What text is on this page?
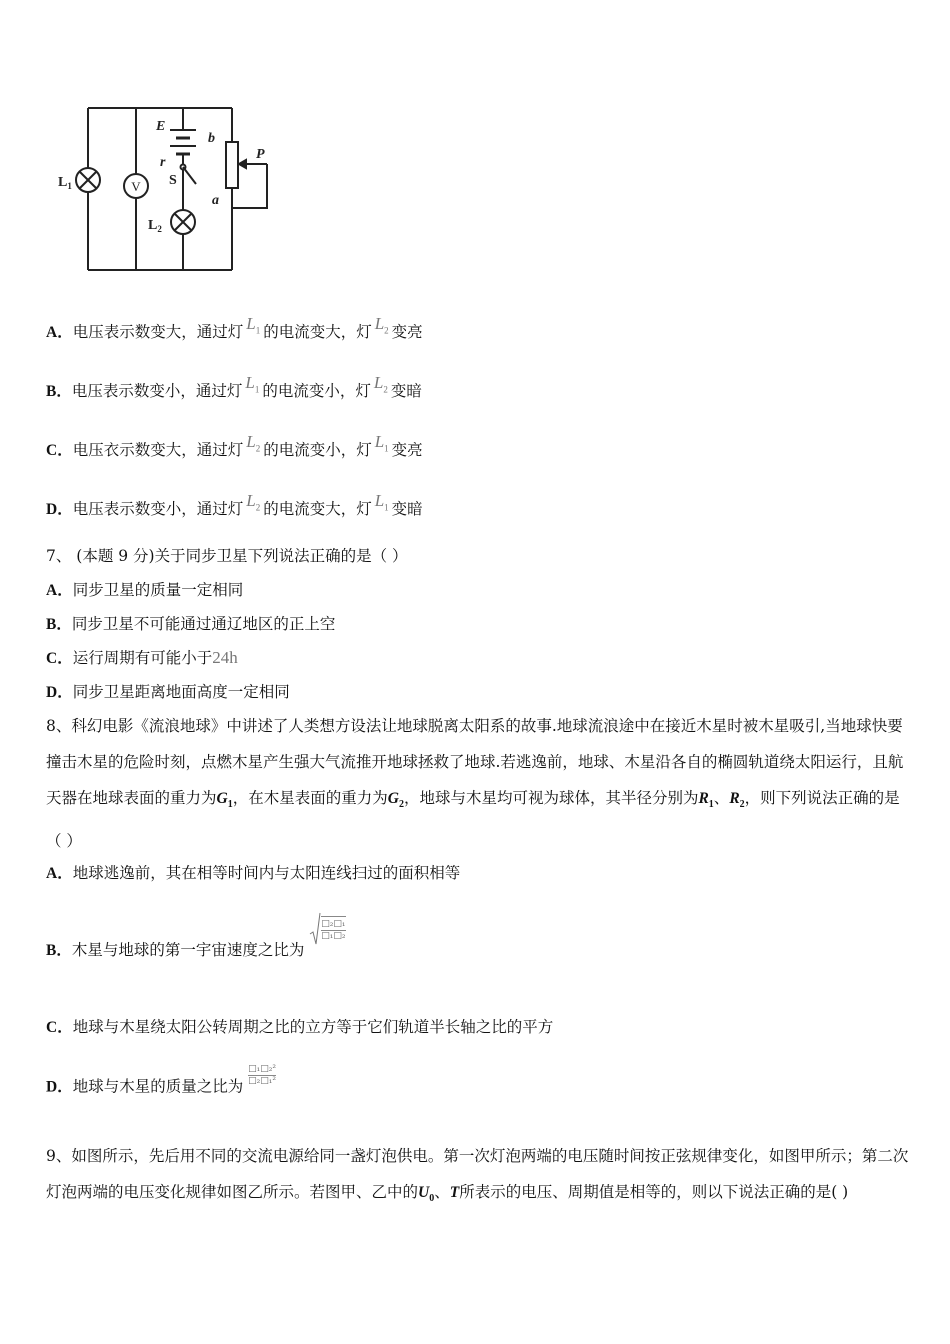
V
E
r
b
P
a
S
$L_1$
$L_2$
A．电压表示数变大，通过灯 $L_1$ 的电流变大，灯 $L_2$ 变亮
B．电压表示数变小，通过灯 $L_1$ 的电流变小，灯 $L_2$ 变暗
C．电压衣示数变大，通过灯 $L_2$ 的电流变小，灯 $L_1$ 变亮
D．电压表示数变小，通过灯 $L_2$ 的电流变大，灯 $L_1$ 变暗
7、 (本题 9 分)关于同步卫星下列说法正确的是（ ）
A．同步卫星的质量一定相同
B．同步卫星不可能通过通辽地区的正上空
C．运行周期有可能小于24h
D．同步卫星距离地面高度一定相同
8、科幻电影《流浪地球》中讲述了人类想方设法让地球脱离太阳系的故事.地球流浪途中在接近木星时被木星吸引,当地球快要撞击木星的危险时刻，点燃木星产生强大气流推开地球拯救了地球.若逃逸前，地球、木星沿各自的椭圆轨道绕太阳运行，且航天器在地球表面的重力为$G_1$，在木星表面的重力为$G_2$，地球与木星均可视为球体，其半径分别为$R_1$、$R_2$，则下列说法正确的是（ ）
A．地球逃逸前，其在相等时间内与太阳连线扫过的面积相等
B．木星与地球的第一宇宙速度之比为 $\frac{\text{□₂□₁}}{\text{□₁□₂}}$
C．地球与木星绕太阳公转周期之比的立方等于它们轨道半长轴之比的平方
D．地球与木星的质量之比为 $\frac{\text{□₁□₂²}}{\text{□₂□₁²}}$
9、如图所示，先后用不同的交流电源给同一盏灯泡供电。第一次灯泡两端的电压随时间按正弦规律变化，如图甲所示；第二次灯泡两端的电压变化规律如图乙所示。若图甲、乙中的$U_0$、T所表示的电压、周期值是相等的，则以下说法正确的是( )
